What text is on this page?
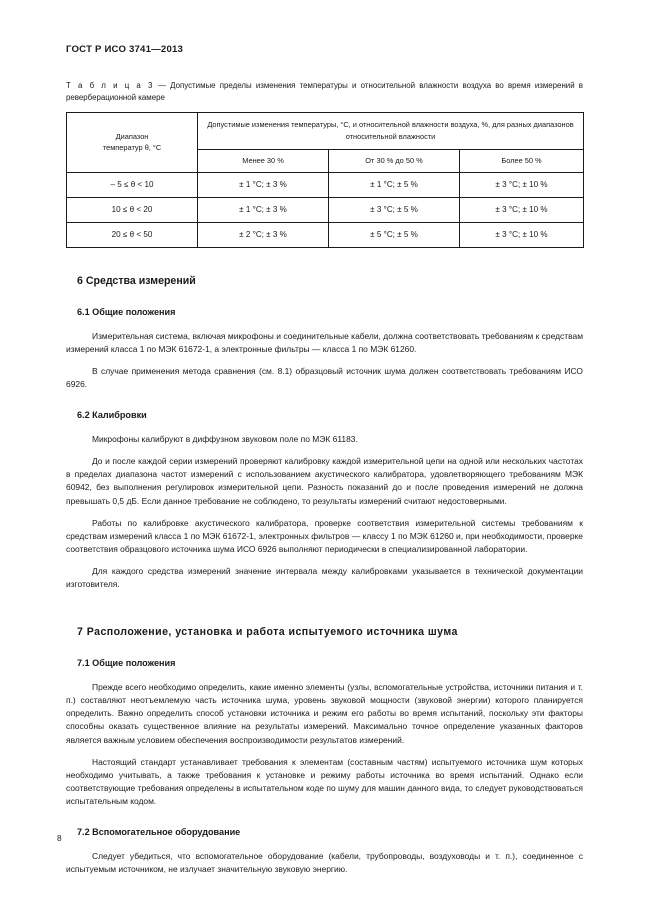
ГОСТ Р ИСО 3741—2013

Т а б л и ц а 3 — Допустимые пределы изменения температуры и относительной влажности воздуха во время измерений в реверберационной камере

Диапазон
температур θ, °С	Допустимые изменения температуры, °С, и относительной влажности воздуха, %, для разных диапазонов относительной влажности		
	Менее 30 %	От 30 % до 50 %	Более 50 %
– 5 ≤ θ < 10	± 1 °C; ± 3 %	± 1 °C; ± 5 %	± 3 °C; ± 10 %
10 ≤ θ < 20	± 1 °C; ± 3 %	± 3 °C; ± 5 %	± 3 °C; ± 10 %
20 ≤ θ < 50	± 2 °C; ± 3 %	± 5 °C; ± 5 %	± 3 °C; ± 10 %
6 Средства измерений
6.1 Общие положения

Измерительная система, включая микрофоны и соединительные кабели, должна соответствовать требованиям к средствам измерений класса 1 по МЭК 61672-1, а электронные фильтры — класса 1 по МЭК 61260.

В случае применения метода сравнения (см. 8.1) образцовый источник шума должен соответствовать требованиям ИСО 6926.

6.2 Калибровки

Микрофоны калибруют в диффузном звуковом поле по МЭК 61183.

До и после каждой серии измерений проверяют калибровку каждой измерительной цепи на одной или нескольких частотах в пределах диапазона частот измерений с использованием акустического калибратора, удовлетворяющего требованиям МЭК 60942, без выполнения регулировок измерительной цепи. Разность показаний до и после проведения измерений не должна превышать 0,5 дБ. Если данное требование не соблюдено, то результаты измерений считают недостоверными.

Работы по калибровке акустического калибратора, проверке соответствия измерительной системы требованиям к средствам измерений класса 1 по МЭК 61672-1, электронных фильтров — классу 1 по МЭК 61260 и, при необходимости, проверке соответствия образцового источника шума ИСО 6926 выполняют периодически в специализированной лаборатории.

Для каждого средства измерений значение интервала между калибровками указывается в технической документации изготовителя.

7 Расположение, установка и работа испытуемого источника шума
7.1 Общие положения

Прежде всего необходимо определить, какие именно элементы (узлы, вспомогательные устройства, источники питания и т. п.) составляют неотъемлемую часть источника шума, уровень звуковой мощности (звуковой энергии) которого планируется определить. Важно определить способ установки источника и режим его работы во время испытаний, поскольку эти факторы способны оказать существенное влияние на результаты измерений. Максимально точное определение указанных факторов является важным условием обеспечения воспроизводимости результатов измерений.

Настоящий стандарт устанавливает требования к элементам (составным частям) испытуемого источника шум которых необходимо учитывать, а также требования к установке и режиму работы источника во время испытаний. Однако если соответствующие требования определены в испытательном коде по шуму для машин данного вида, то следует руководствоваться испытательным кодом.

7.2 Вспомогательное оборудование

Следует убедиться, что вспомогательное оборудование (кабели, трубопроводы, воздуховоды и т. п.), соединенное с испытуемым источником, не излучает значительную звуковую энергию.

8
